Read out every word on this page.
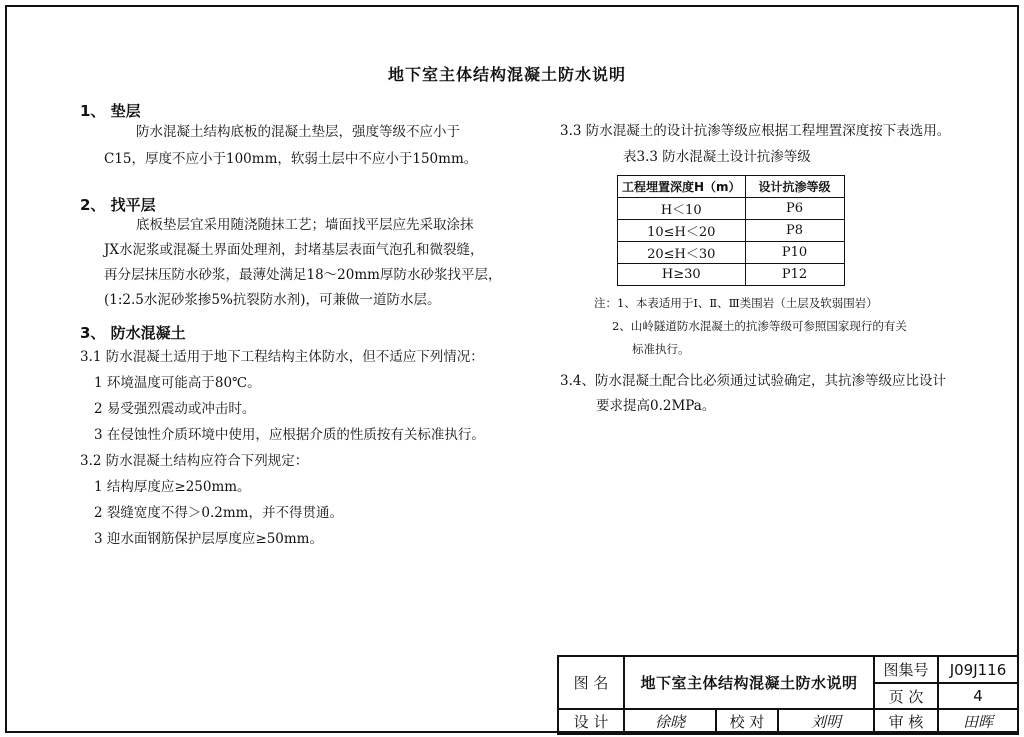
地下室主体结构混凝土防水说明
1、 垫层
防水混凝土结构底板的混凝土垫层，强度等级不应小于
C15，厚度不应小于100mm，软弱土层中不应小于150mm。
2、 找平层
底板垫层宜采用随浇随抹工艺；墙面找平层应先采取涂抹
JX水泥浆或混凝土界面处理剂，封堵基层表面气泡孔和微裂缝，
再分层抹压防水砂浆，最薄处满足18～20mm厚防水砂浆找平层，
(1:2.5水泥砂浆掺5%抗裂防水剂)，可兼做一道防水层。
3、 防水混凝土
3.1 防水混凝土适用于地下工程结构主体防水，但不适应下列情况：
1 环境温度可能高于80℃。
2 易受强烈震动或冲击时。
3 在侵蚀性介质环境中使用，应根据介质的性质按有关标准执行。
3.2 防水混凝土结构应符合下列规定：
1 结构厚度应≥250mm。
2 裂缝宽度不得＞0.2mm，并不得贯通。
3 迎水面钢筋保护层厚度应≥50mm。
3.3 防水混凝土的设计抗渗等级应根据工程埋置深度按下表选用。
表3.3 防水混凝土设计抗渗等级
工程埋置深度H（m）	设计抗渗等级
H＜10	P6
10≤H＜20	P8
20≤H＜30	P10
H≥30	P12
注：1、本表适用于Ⅰ、Ⅱ、Ⅲ类围岩（土层及软弱围岩）
2、山岭隧道防水混凝土的抗渗等级可参照国家现行的有关
标准执行。
3.4、防水混凝土配合比必须通过试验确定，其抗渗等级应比设计
要求提高0.2MPa。
图 名	地下室主体结构混凝土防水说明			图集号	J09J116
				页 次	4
设 计	徐晓	校 对	刘明	审 核	田晖
